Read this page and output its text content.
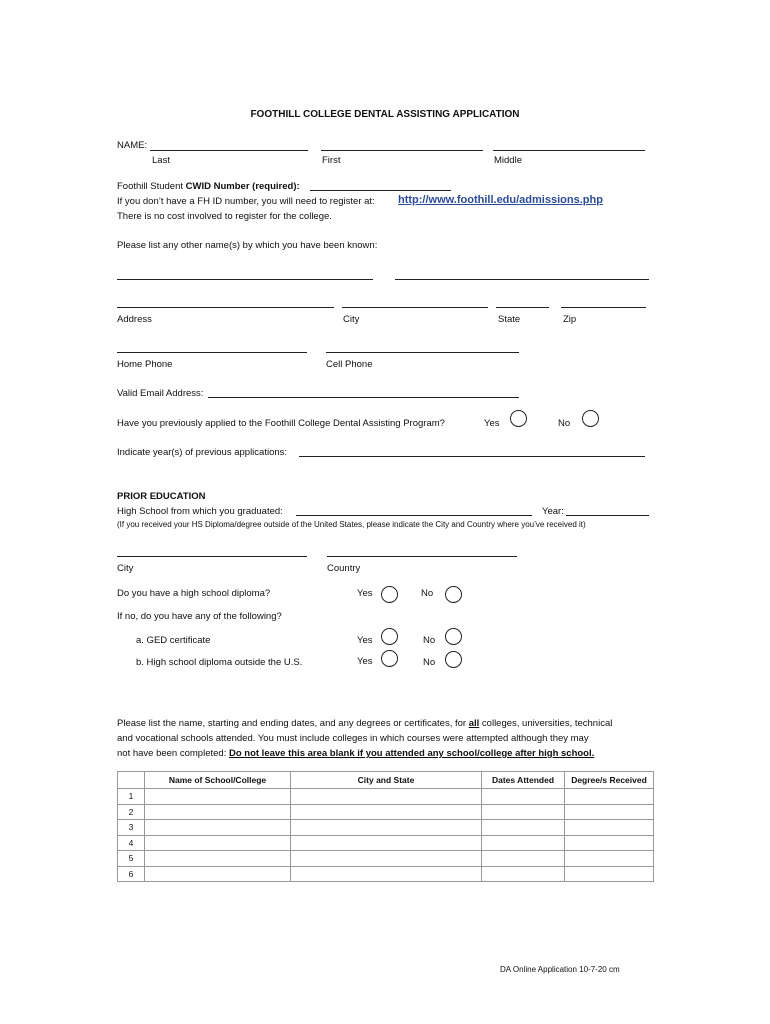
FOOTHILL COLLEGE DENTAL ASSISTING APPLICATION
NAME:
Last	First	Middle
Foothill Student CWID Number (required):
If you don’t have a FH ID number, you will need to register at: http://www.foothill.edu/admissions.php
There is no cost involved to register for the college.
Please list any other name(s) by which you have been known:
Address	City	State	Zip
Home Phone	Cell Phone
Valid Email Address:
Have you previously applied to the Foothill College Dental Assisting Program?	Yes	No
Indicate year(s) of previous applications:
PRIOR EDUCATION
High School from which you graduated:	Year:
(If you received your HS Diploma/degree outside of the United States, please indicate the City and Country where you’ve received it)
City	Country
Do you have a high school diploma?	Yes	No
If no, do you have any of the following?
a. GED certificate	Yes	No
b. High school diploma outside the U.S.	Yes	No
Please list the name, starting and ending dates, and any degrees or certificates, for all colleges, universities, technical
and vocational schools attended. You must include colleges in which courses were attempted although they may
not have been completed: Do not leave this area blank if you attended any school/college after high school.
	Name of School/College	City and State	Dates Attended	Degree/s Received
1				
2				
3				
4				
5				
6				
DA Online Application 10-7-20 cm
